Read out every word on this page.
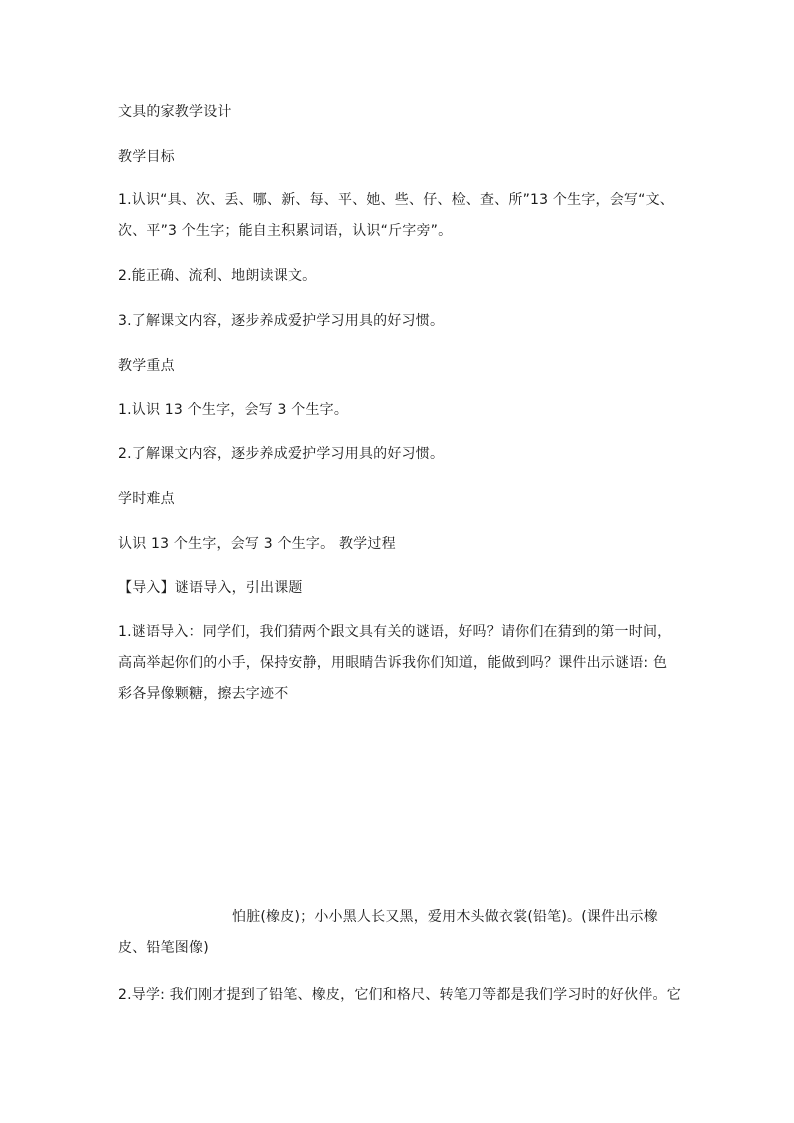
文具的家教学设计
教学目标
1.认识“具、次、丢、哪、新、每、平、她、些、仔、检、查、所”13 个生字，会写“文、次、平”3 个生字；能自主积累词语，认识“斤字旁”。
2.能正确、流利、地朗读课文。
3.了解课文内容，逐步养成爱护学习用具的好习惯。
教学重点
1.认识 13 个生字，会写 3 个生字。
2.了解课文内容，逐步养成爱护学习用具的好习惯。
学时难点
认识 13 个生字，会写 3 个生字。 教学过程
【导入】谜语导入，引出课题
1.谜语导入：同学们，我们猜两个跟文具有关的谜语，好吗？请你们在猜到的第一时间，高高举起你们的小手，保持安静，用眼睛告诉我你们知道，能做到吗？课件出示谜语: 色彩各异像颗糖，擦去字迹不
怕脏(橡皮)；小小黑人长又黑，爱用木头做衣裳(铅笔)。(课件出示橡皮、铅笔图像)
2.导学: 我们刚才提到了铅笔、橡皮，它们和格尺、转笔刀等都是我们学习时的好伙伴。它
